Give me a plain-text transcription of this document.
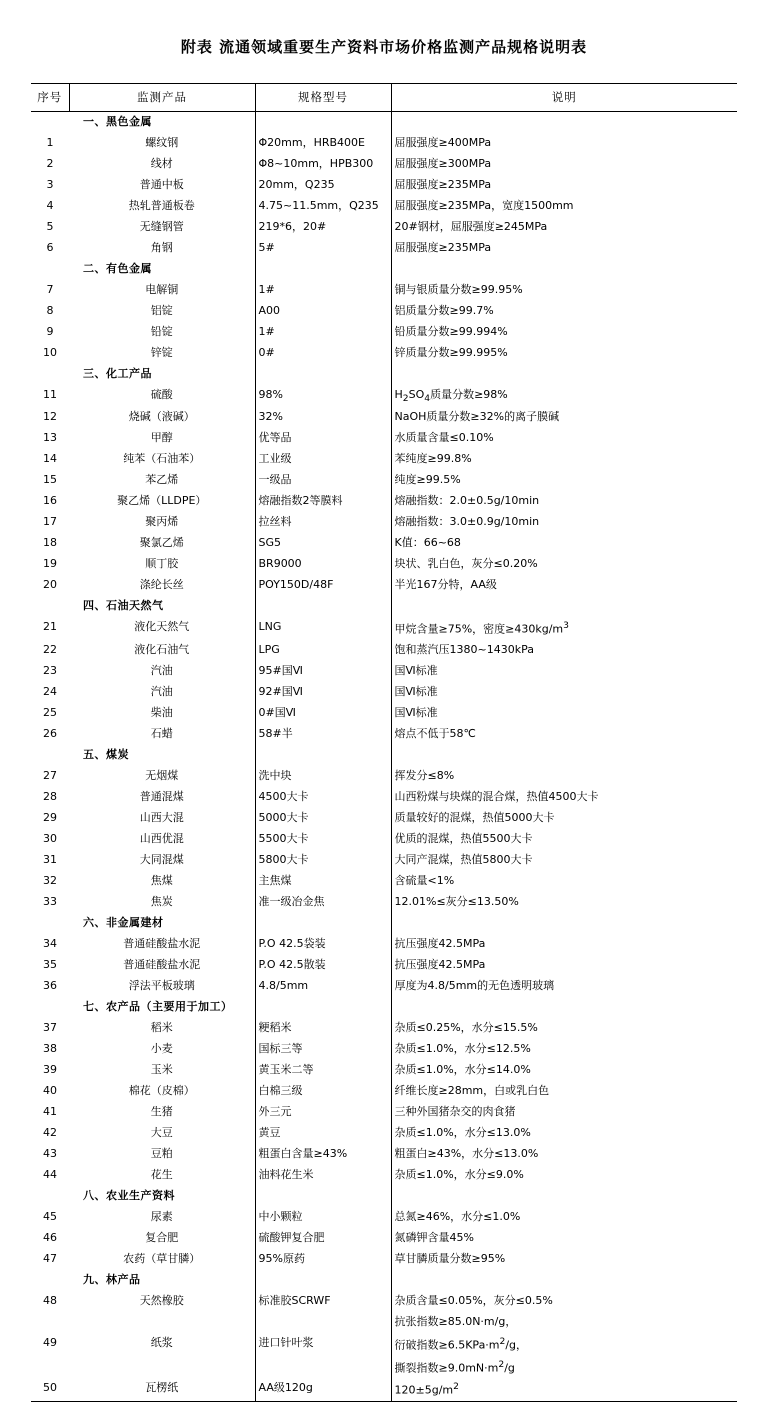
附表 流通领域重要生产资料市场价格监测产品规格说明表
序号	监测产品	规格型号	说明
	一、黑色金属		
1	螺纹钢	Φ20mm，HRB400E	屈服强度≥400MPa
2	线材	Φ8~10mm，HPB300	屈服强度≥300MPa
3	普通中板	20mm，Q235	屈服强度≥235MPa
4	热轧普通板卷	4.75~11.5mm，Q235	屈服强度≥235MPa，宽度1500mm
5	无缝钢管	219*6，20#	20#钢材，屈服强度≥245MPa
6	角钢	5#	屈服强度≥235MPa
	二、有色金属		
7	电解铜	1#	铜与银质量分数≥99.95%
8	铝锭	A00	铝质量分数≥99.7%
9	铅锭	1#	铅质量分数≥99.994%
10	锌锭	0#	锌质量分数≥99.995%
	三、化工产品		
11	硫酸	98%	$H_2SO_4$质量分数≥98%
12	烧碱（液碱）	32%	NaOH质量分数≥32%的离子膜碱
13	甲醇	优等品	水质量含量≤0.10%
14	纯苯（石油苯）	工业级	苯纯度≥99.8%
15	苯乙烯	一级品	纯度≥99.5%
16	聚乙烯（LLDPE）	熔融指数2等膜料	熔融指数：2.0±0.5g/10min
17	聚丙烯	拉丝料	熔融指数：3.0±0.9g/10min
18	聚氯乙烯	SG5	K值：66~68
19	顺丁胶	BR9000	块状、乳白色，灰分≤0.20%
20	涤纶长丝	POY150D/48F	半光167分特，AA级
	四、石油天然气		
21	液化天然气	LNG	甲烷含量≥75%，密度$\ge 430kg/m^3$
22	液化石油气	LPG	饱和蒸汽压1380~1430kPa
23	汽油	95#国Ⅵ	国Ⅵ标准
24	汽油	92#国Ⅵ	国Ⅵ标准
25	柴油	0#国Ⅵ	国Ⅵ标准
26	石蜡	58#半	熔点不低于58℃
	五、煤炭		
27	无烟煤	洗中块	挥发分≤8%
28	普通混煤	4500大卡	山西粉煤与块煤的混合煤，热值4500大卡
29	山西大混	5000大卡	质量较好的混煤，热值5000大卡
30	山西优混	5500大卡	优质的混煤，热值5500大卡
31	大同混煤	5800大卡	大同产混煤，热值5800大卡
32	焦煤	主焦煤	含硫量<1%
33	焦炭	准一级冶金焦	12.01%≤灰分≤13.50%
	六、非金属建材		
34	普通硅酸盐水泥	P.O 42.5袋装	抗压强度42.5MPa
35	普通硅酸盐水泥	P.O 42.5散装	抗压强度42.5MPa
36	浮法平板玻璃	4.8/5mm	厚度为4.8/5mm的无色透明玻璃
	七、农产品（主要用于加工）		
37	稻米	粳稻米	杂质≤0.25%，水分≤15.5%
38	小麦	国标三等	杂质≤1.0%，水分≤12.5%
39	玉米	黄玉米二等	杂质≤1.0%，水分≤14.0%
40	棉花（皮棉）	白棉三级	纤维长度≥28mm，白或乳白色
41	生猪	外三元	三种外国猪杂交的肉食猪
42	大豆	黄豆	杂质≤1.0%，水分≤13.0%
43	豆粕	粗蛋白含量≥43%	粗蛋白≥43%，水分≤13.0%
44	花生	油料花生米	杂质≤1.0%，水分≤9.0%
	八、农业生产资料		
45	尿素	中小颗粒	总氮≥46%，水分≤1.0%
46	复合肥	硫酸钾复合肥	氮磷钾含量45%
47	农药（草甘膦）	95%原药	草甘膦质量分数≥95%
	九、林产品		
48	天然橡胶	标准胶SCRWF	杂质含量≤0.05%，灰分≤0.5%
			抗张指数≥85.0N·m/g，
49	纸浆	进口针叶浆	衍破指数$\ge 6.5KPa\cdot m^2/g$，
			撕裂指数$\ge 9.0mN\cdot m^2/g$
50	瓦楞纸	AA级120g	$120\pm 5g/m^2$
